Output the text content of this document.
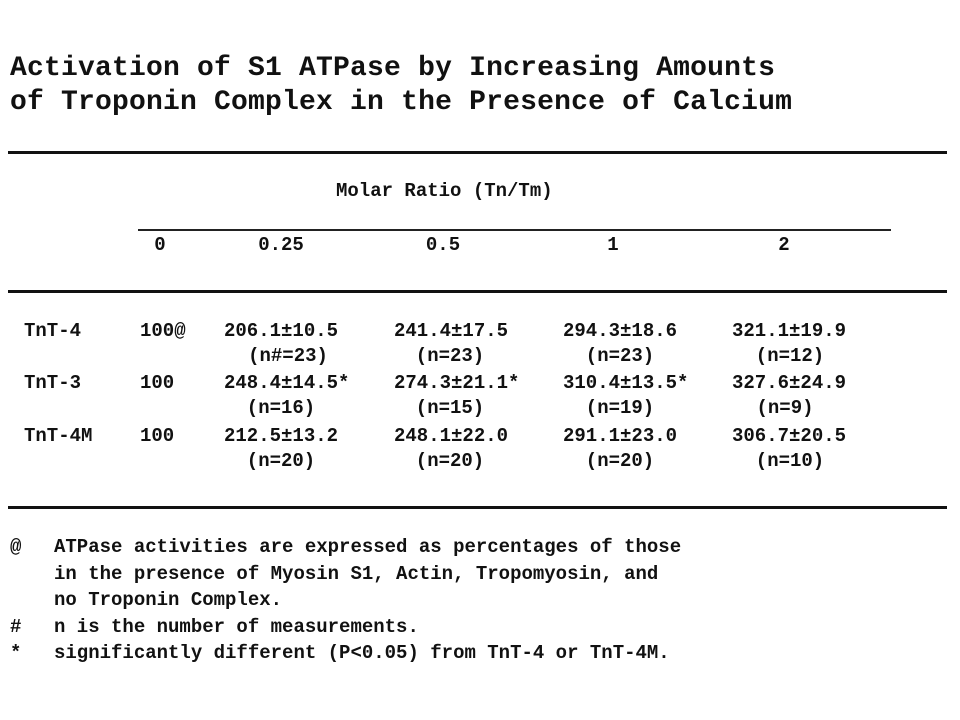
Activation of S1 ATPase by Increasing Amounts
of Troponin Complex in the Presence of Calcium
Molar Ratio (Tn/Tm)
0	0.25	0.5	1	2
TnT-4	100@ 206.1±10.5	241.4±17.5	294.3±18.6	321.1±19.9
(n#=23)	(n=23)	(n=23)	(n=12)
TnT-3	100	248.4±14.5* 274.3±21.1* 310.4±13.5* 327.6±24.9
(n=16)	(n=15)	(n=19)	(n=9)
TnT-4M	100	212.5±13.2	248.1±22.0	291.1±23.0	306.7±20.5
(n=20)	(n=20)	(n=20)	(n=10)
@	ATPase activities are expressed as percentages of those
in the presence of Myosin S1, Actin, Tropomyosin, and
no Troponin Complex.
#	n is the number of measurements.
*	significantly different (P<0.05) from TnT-4 or TnT-4M.
